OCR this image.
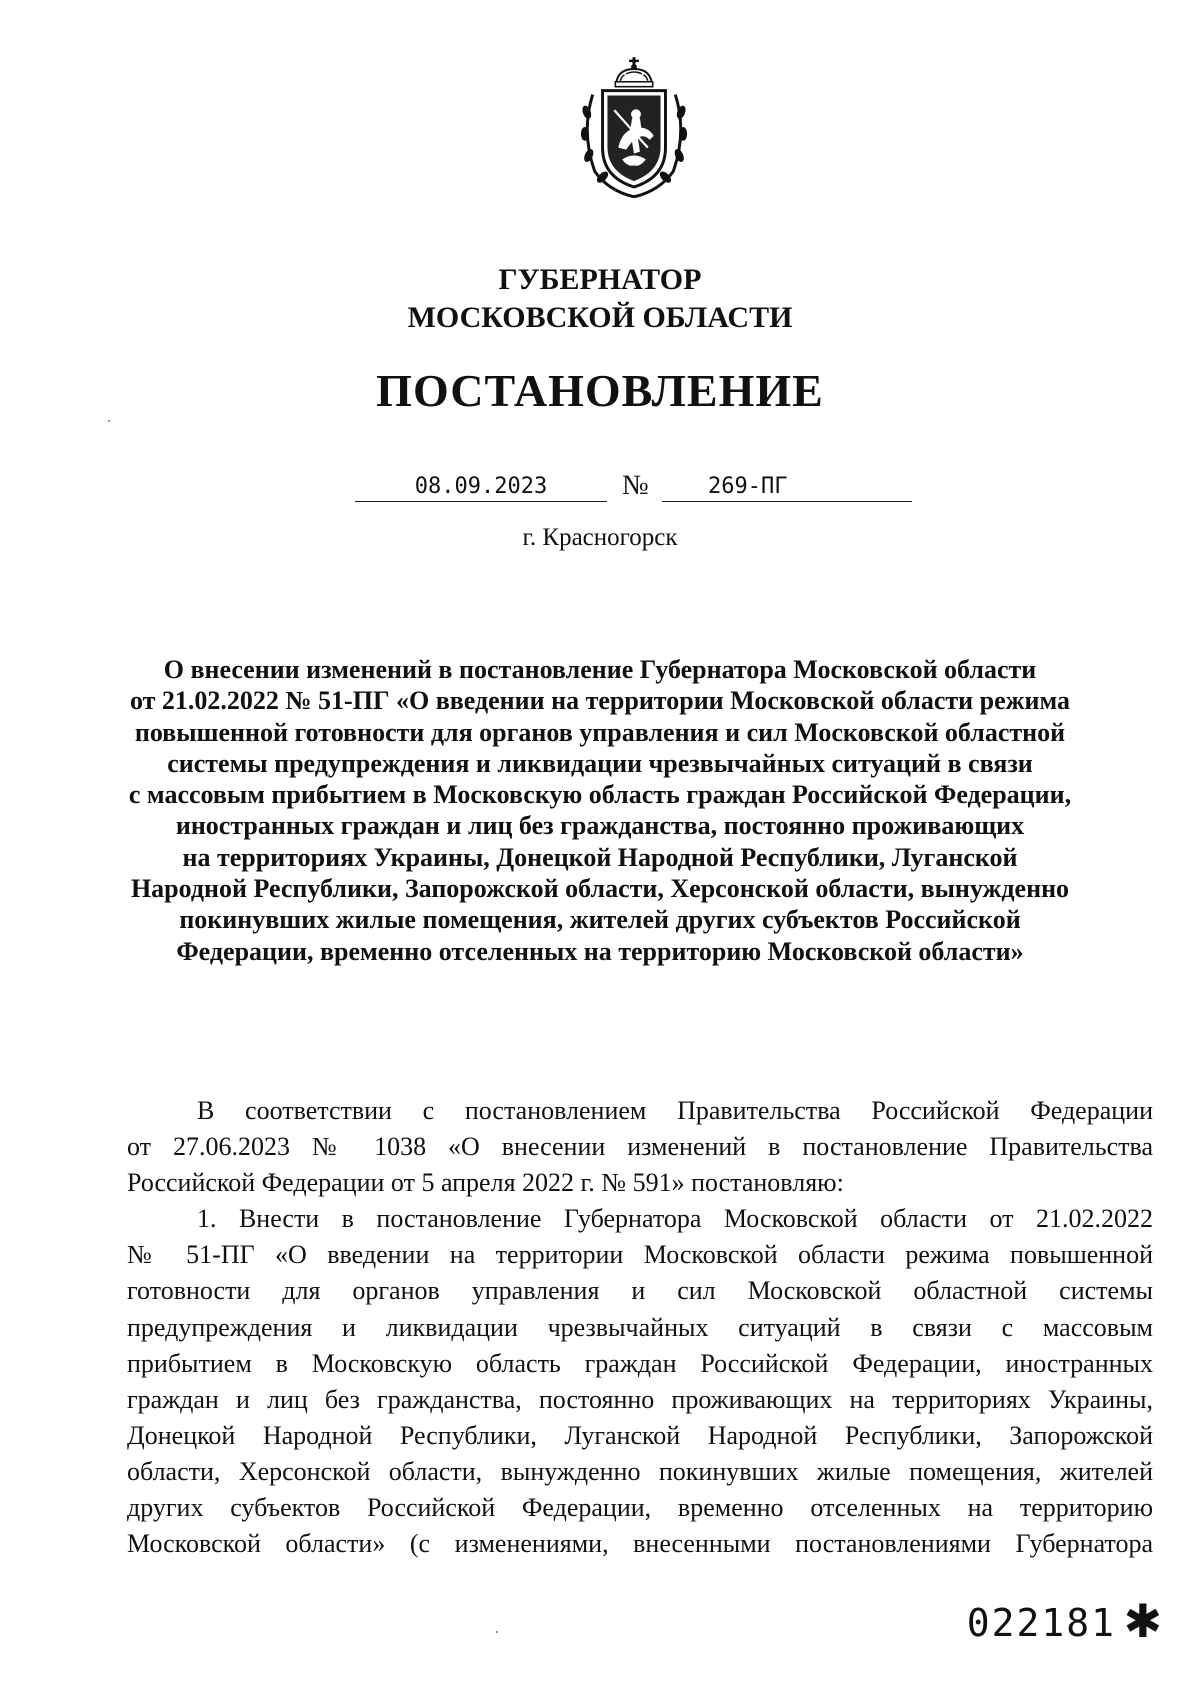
ГУБЕРНАТОР
МОСКОВСКОЙ ОБЛАСТИ
ПОСТАНОВЛЕНИЕ
08.09.2023	№	269-ПГ
г. Красногорск
О внесении изменений в постановление Губернатора Московской области
от 21.02.2022 № 51-ПГ «О введении на территории Московской области режима
повышенной готовности для органов управления и сил Московской областной
системы предупреждения и ликвидации чрезвычайных ситуаций в связи
с массовым прибытием в Московскую область граждан Российской Федерации,
иностранных граждан и лиц без гражданства, постоянно проживающих
на территориях Украины, Донецкой Народной Республики, Луганской
Народной Республики, Запорожской области, Херсонской области, вынужденно
покинувших жилые помещения, жителей других субъектов Российской
Федерации, временно отселенных на территорию Московской области»

В соответствии с постановлением Правительства Российской Федерации

от 27.06.2023 № 1038 «О внесении изменений в постановление Правительства

Российской Федерации от 5 апреля 2022 г. № 591» постановляю:

1. Внести в постановление Губернатора Московской области от 21.02.2022

№ 51-ПГ «О введении на территории Московской области режима повышенной

готовности для органов управления и сил Московской областной системы

предупреждения и ликвидации чрезвычайных ситуаций в связи с массовым

прибытием в Московскую область граждан Российской Федерации, иностранных

граждан и лиц без гражданства, постоянно проживающих на территориях Украины,

Донецкой Народной Республики, Луганской Народной Республики, Запорожской

области, Херсонской области, вынужденно покинувших жилые помещения, жителей

других субъектов Российской Федерации, временно отселенных на территорию

Московской области» (с изменениями, внесенными постановлениями Губернатора

022181 ✱
